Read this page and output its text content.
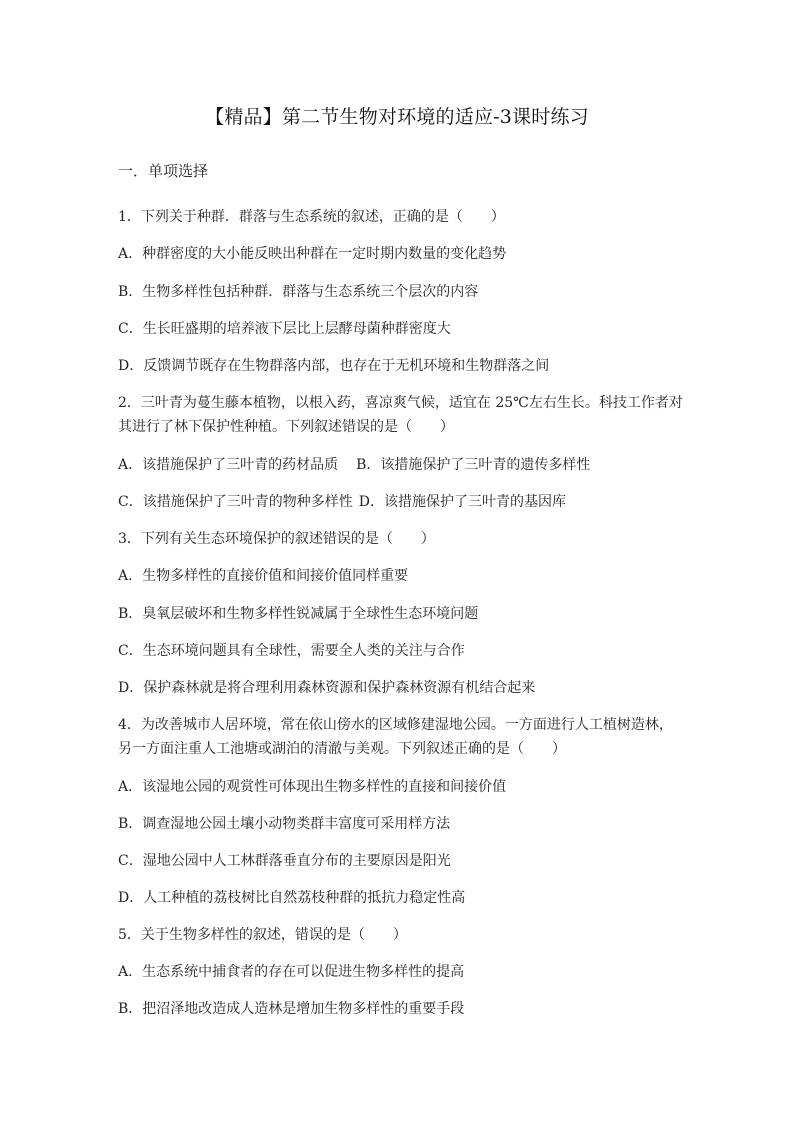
【精品】第二节生物对环境的适应-3课时练习
一．单项选择
1．下列关于种群．群落与生态系统的叙述，正确的是（　　）
A．种群密度的大小能反映出种群在一定时期内数量的变化趋势
B．生物多样性包括种群．群落与生态系统三个层次的内容
C．生长旺盛期的培养液下层比上层酵母菌种群密度大
D．反馈调节既存在生物群落内部，也存在于无机环境和生物群落之间
2．三叶青为蔓生藤本植物，以根入药，喜凉爽气候，适宜在 25℃左右生长。科技工作者对其进行了林下保护性种植。下列叙述错误的是（　　）
A．该措施保护了三叶青的药材品质 B．该措施保护了三叶青的遗传多样性
C．该措施保护了三叶青的物种多样性 D．该措施保护了三叶青的基因库
3．下列有关生态环境保护的叙述错误的是（　　）
A．生物多样性的直接价值和间接价值同样重要
B．臭氧层破坏和生物多样性锐减属于全球性生态环境问题
C．生态环境问题具有全球性，需要全人类的关注与合作
D．保护森林就是将合理利用森林资源和保护森林资源有机结合起来
4．为改善城市人居环境，常在依山傍水的区域修建湿地公园。一方面进行人工植树造林，另一方面注重人工池塘或湖泊的清澈与美观。下列叙述正确的是（　　）
A．该湿地公园的观赏性可体现出生物多样性的直接和间接价值
B．调查湿地公园土壤小动物类群丰富度可采用样方法
C．湿地公园中人工林群落垂直分布的主要原因是阳光
D．人工种植的荔枝树比自然荔枝种群的抵抗力稳定性高
5．关于生物多样性的叙述，错误的是（　　）
A．生态系统中捕食者的存在可以促进生物多样性的提高
B．把沼泽地改造成人造林是增加生物多样性的重要手段
